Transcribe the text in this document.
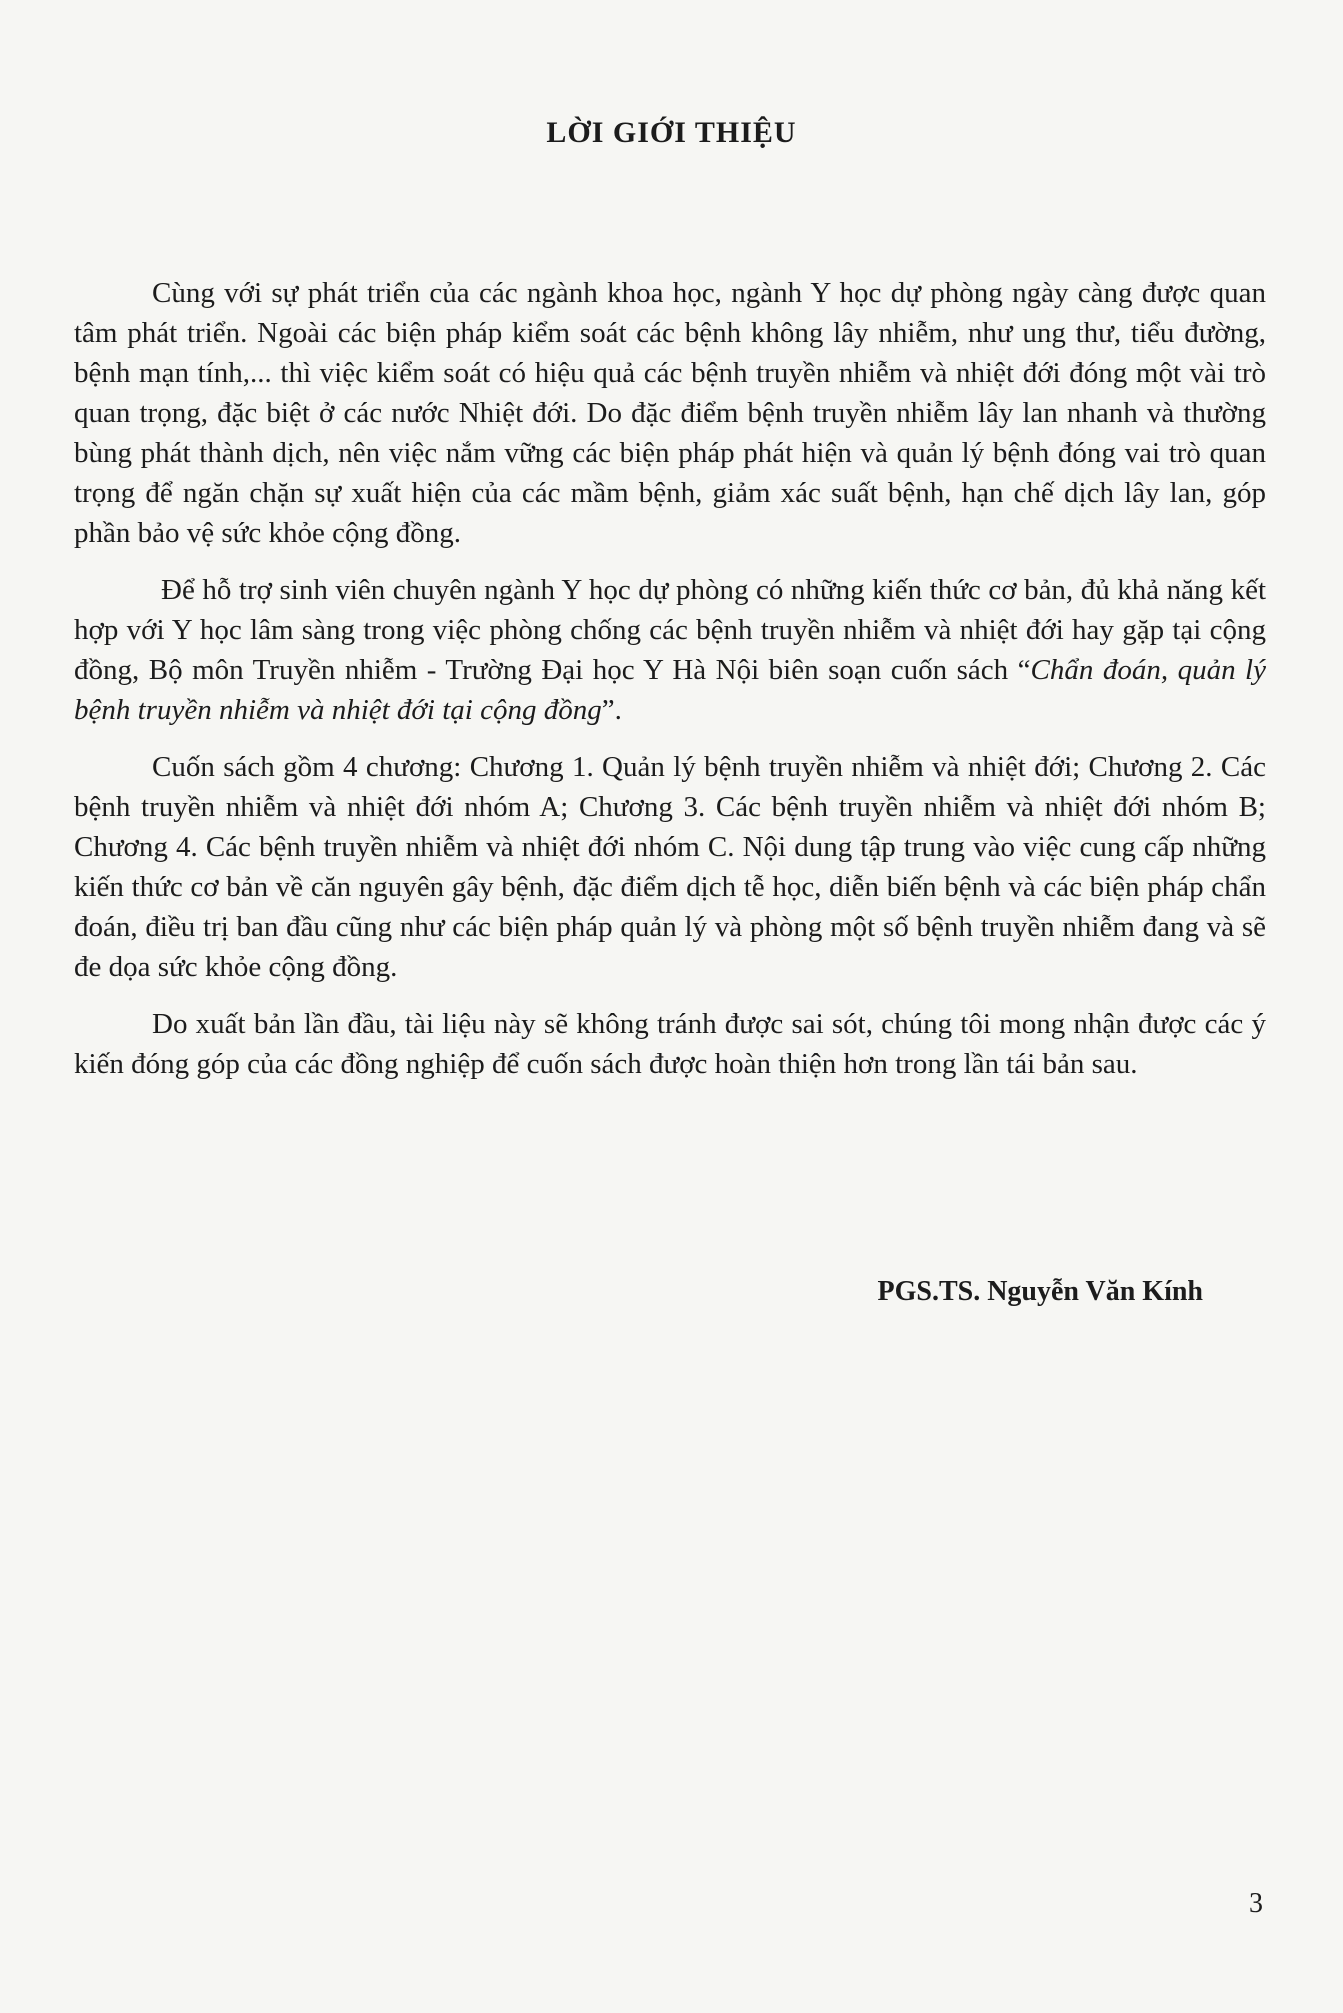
LỜI GIỚI THIỆU

Cùng với sự phát triển của các ngành khoa học, ngành Y học dự phòng ngày càng được quan tâm phát triển. Ngoài các biện pháp kiểm soát các bệnh không lây nhiễm, như ung thư, tiểu đường, bệnh mạn tính,... thì việc kiểm soát có hiệu quả các bệnh truyền nhiễm và nhiệt đới đóng một vài trò quan trọng, đặc biệt ở các nước Nhiệt đới. Do đặc điểm bệnh truyền nhiễm lây lan nhanh và thường bùng phát thành dịch, nên việc nắm vững các biện pháp phát hiện và quản lý bệnh đóng vai trò quan trọng để ngăn chặn sự xuất hiện của các mầm bệnh, giảm xác suất bệnh, hạn chế dịch lây lan, góp phần bảo vệ sức khỏe cộng đồng.

Để hỗ trợ sinh viên chuyên ngành Y học dự phòng có những kiến thức cơ bản, đủ khả năng kết hợp với Y học lâm sàng trong việc phòng chống các bệnh truyền nhiễm và nhiệt đới hay gặp tại cộng đồng, Bộ môn Truyền nhiễm - Trường Đại học Y Hà Nội biên soạn cuốn sách “Chẩn đoán, quản lý bệnh truyền nhiễm và nhiệt đới tại cộng đồng”.

Cuốn sách gồm 4 chương: Chương 1. Quản lý bệnh truyền nhiễm và nhiệt đới; Chương 2. Các bệnh truyền nhiễm và nhiệt đới nhóm A; Chương 3. Các bệnh truyền nhiễm và nhiệt đới nhóm B; Chương 4. Các bệnh truyền nhiễm và nhiệt đới nhóm C. Nội dung tập trung vào việc cung cấp những kiến thức cơ bản về căn nguyên gây bệnh, đặc điểm dịch tễ học, diễn biến bệnh và các biện pháp chẩn đoán, điều trị ban đầu cũng như các biện pháp quản lý và phòng một số bệnh truyền nhiễm đang và sẽ đe dọa sức khỏe cộng đồng.

Do xuất bản lần đầu, tài liệu này sẽ không tránh được sai sót, chúng tôi mong nhận được các ý kiến đóng góp của các đồng nghiệp để cuốn sách được hoàn thiện hơn trong lần tái bản sau.

PGS.TS. Nguyễn Văn Kính

3
